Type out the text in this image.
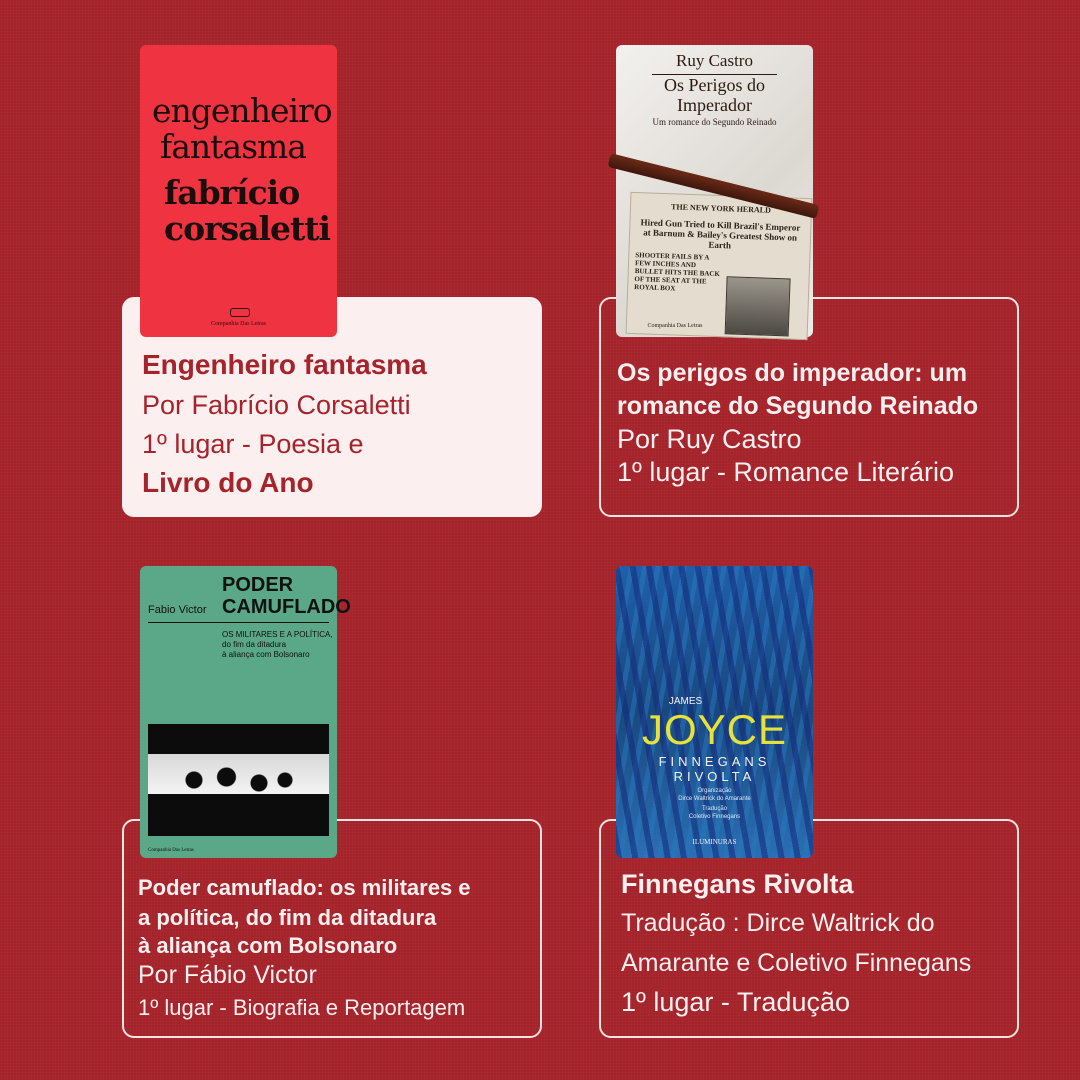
Engenheiro fantasma
Por Fabrício Corsaletti
1º lugar - Poesia e
Livro do Ano
Os perigos do imperador: um
romance do Segundo Reinado
Por Ruy Castro
1º lugar - Romance Literário
Poder camuflado: os militares e
a política, do fim da ditadura
à aliança com Bolsonaro
Por Fábio Victor
1º lugar - Biografia e Reportagem
Finnegans Rivolta
Tradução : Dirce Waltrick do
Amarante e Coletivo Finnegans
1º lugar - Tradução
engenheiro
fantasma
fabrício
corsaletti
Companhia Das Letras
Ruy Castro
Os Perigos do
Imperador
Um romance do Segundo Reinado
THE NEW YORK HERALD
Hired Gun Tried to Kill Brazil's Emperor at Barnum & Bailey's Greatest Show on Earth
SHOOTER FAILS BY A FEW INCHES AND BULLET HITS THE BACK OF THE SEAT AT THE ROYAL BOX
Companhia Das Letras
Fabio Victor
PODER
CAMUFLADO
OS MILITARES E A POLÍTICA,
do fim da ditadura
à aliança com Bolsonaro
Companhia Das Letras
JAMES
JOYCE
FINNEGANS
RIVOLTA
Organização
Dirce Waltrick do Amarante
Tradução
Coletivo Finnegans
ILUMINURAS
